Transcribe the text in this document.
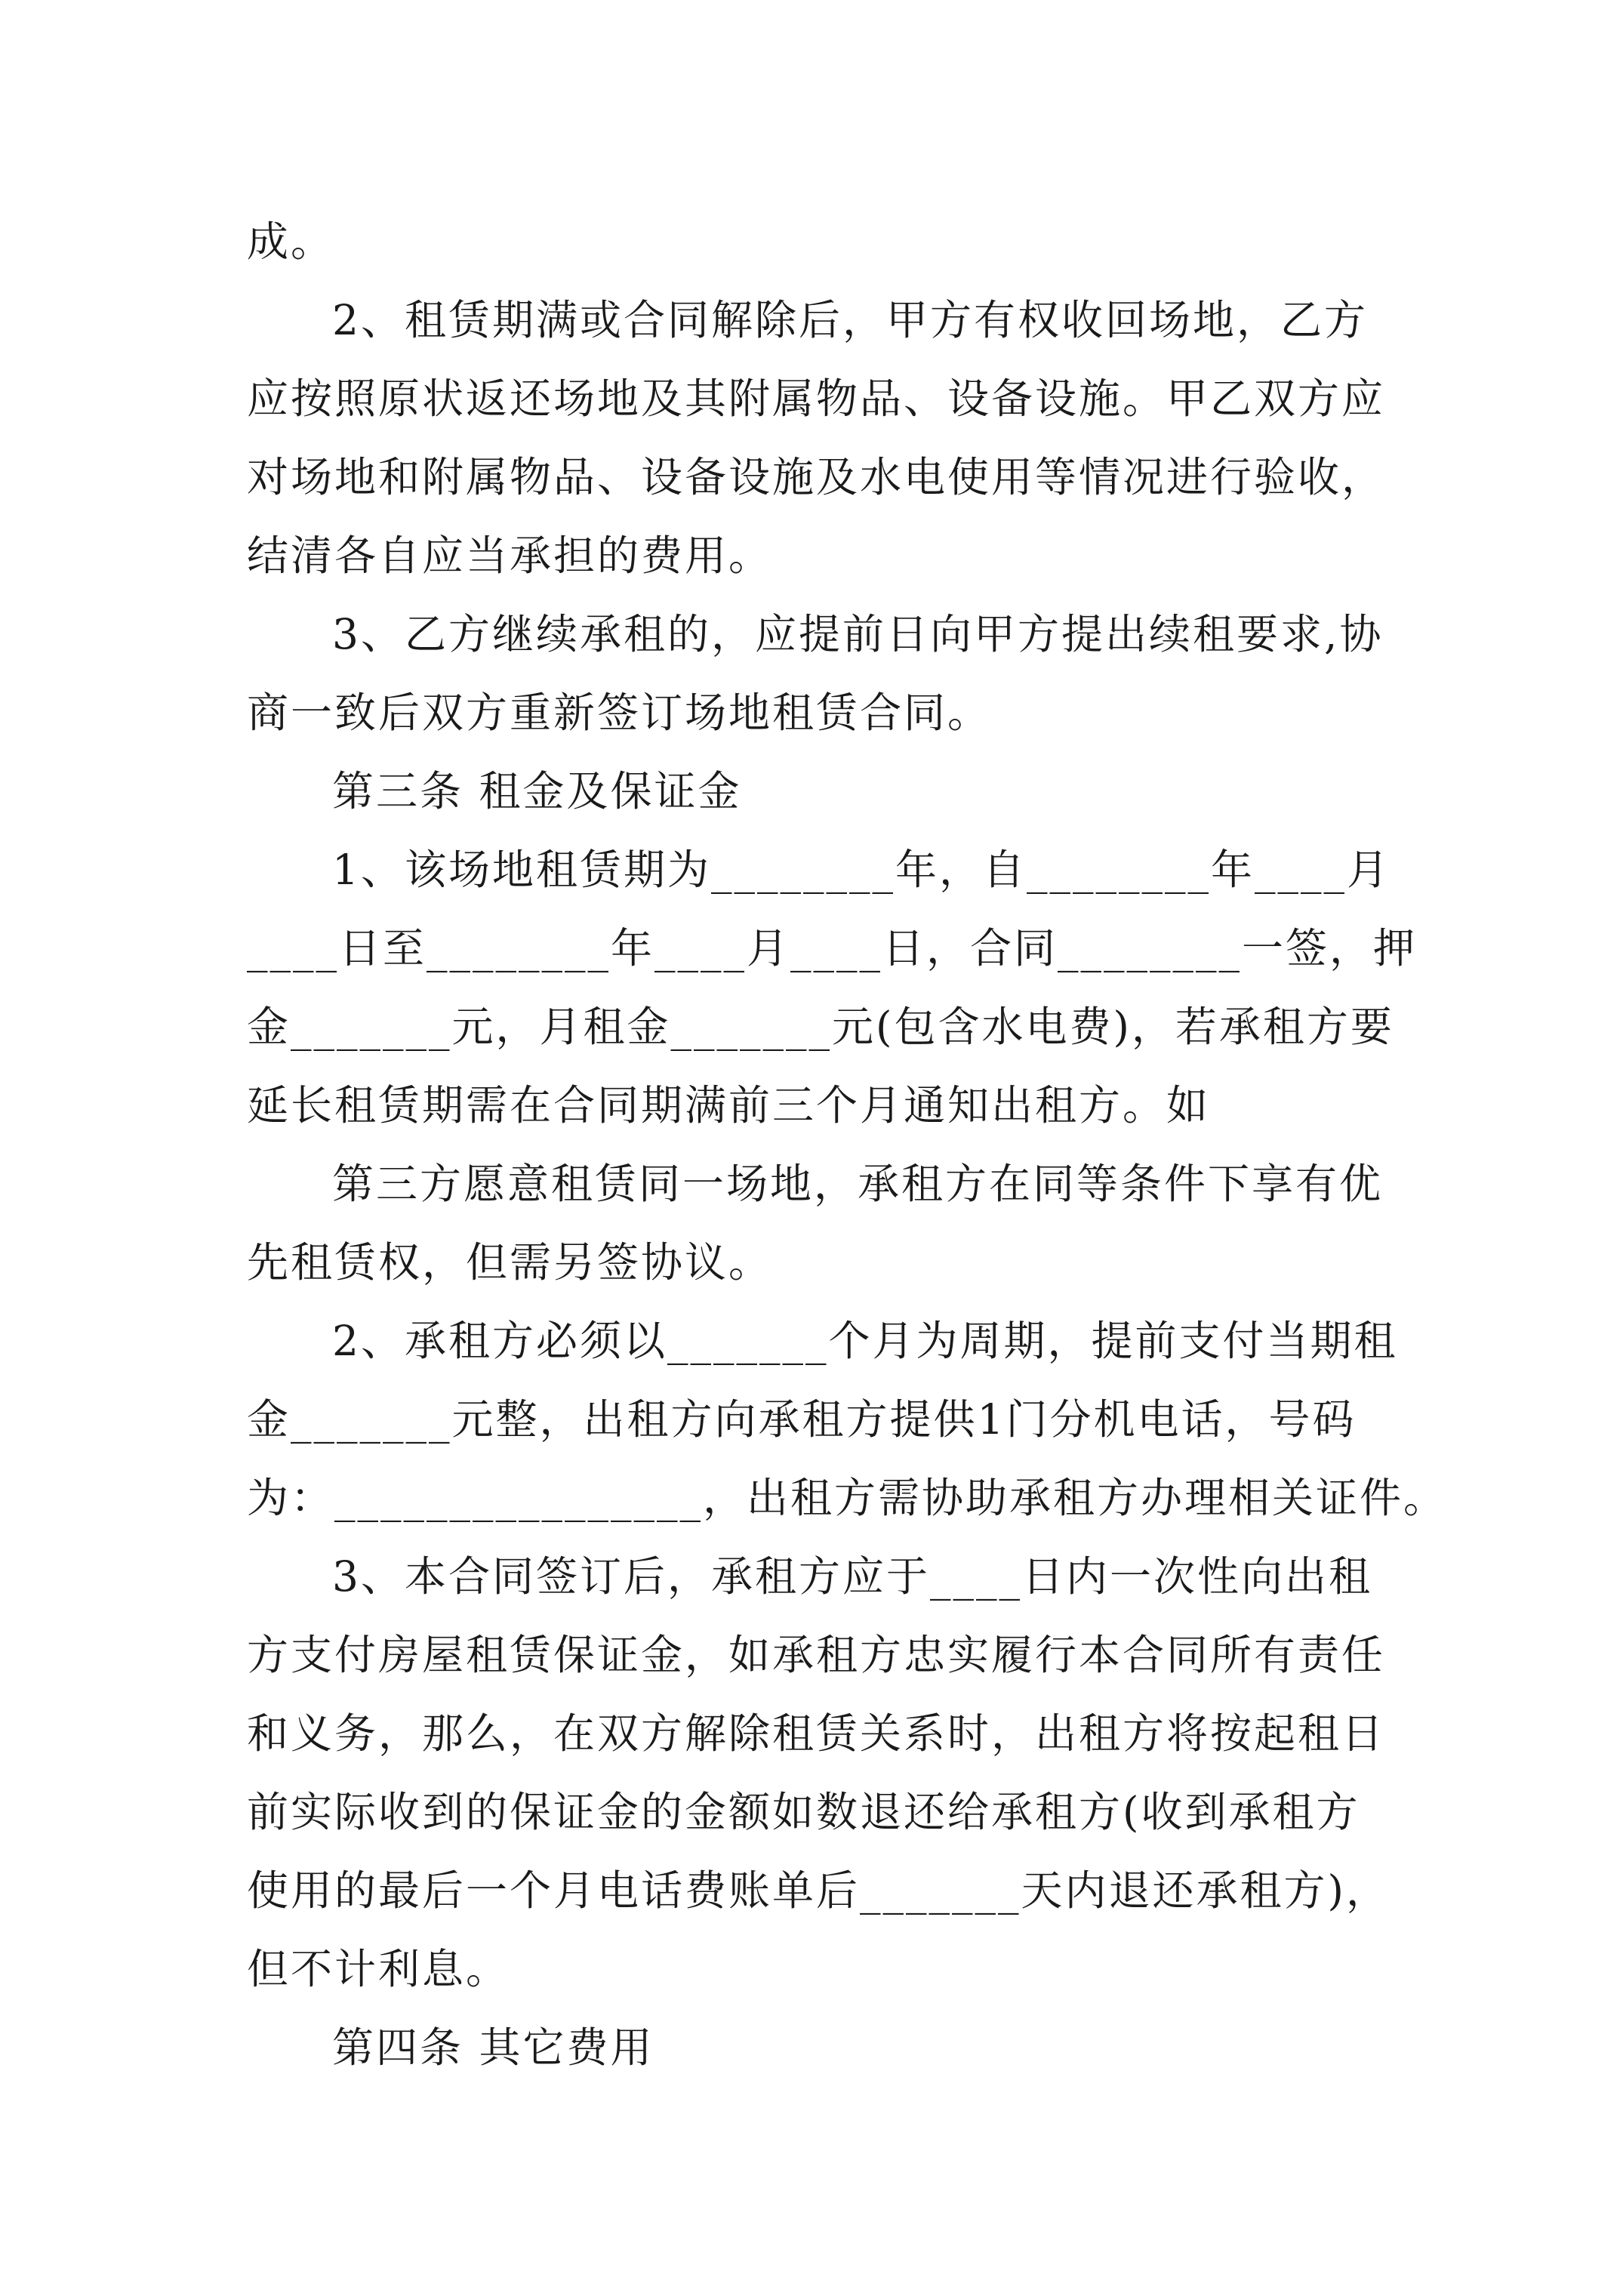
成。
2、租赁期满或合同解除后，甲方有权收回场地，乙方
应按照原状返还场地及其附属物品、设备设施。甲乙双方应
对场地和附属物品、设备设施及水电使用等情况进行验收，
结清各自应当承担的费用。
3、乙方继续承租的，应提前日向甲方提出续租要求,协
商一致后双方重新签订场地租赁合同。
第三条 租金及保证金
1、该场地租赁期为________年，自________年____月
____日至________年____月____日，合同________一签，押
金_______元，月租金_______元(包含水电费)，若承租方要
延长租赁期需在合同期满前三个月通知出租方。如
第三方愿意租赁同一场地，承租方在同等条件下享有优
先租赁权，但需另签协议。
2、承租方必须以_______个月为周期，提前支付当期租
金_______元整，出租方向承租方提供1门分机电话，号码
为：________________，出租方需协助承租方办理相关证件。
3、本合同签订后，承租方应于____日内一次性向出租
方支付房屋租赁保证金，如承租方忠实履行本合同所有责任
和义务，那么，在双方解除租赁关系时，出租方将按起租日
前实际收到的保证金的金额如数退还给承租方(收到承租方
使用的最后一个月电话费账单后_______天内退还承租方)，
但不计利息。
第四条 其它费用
